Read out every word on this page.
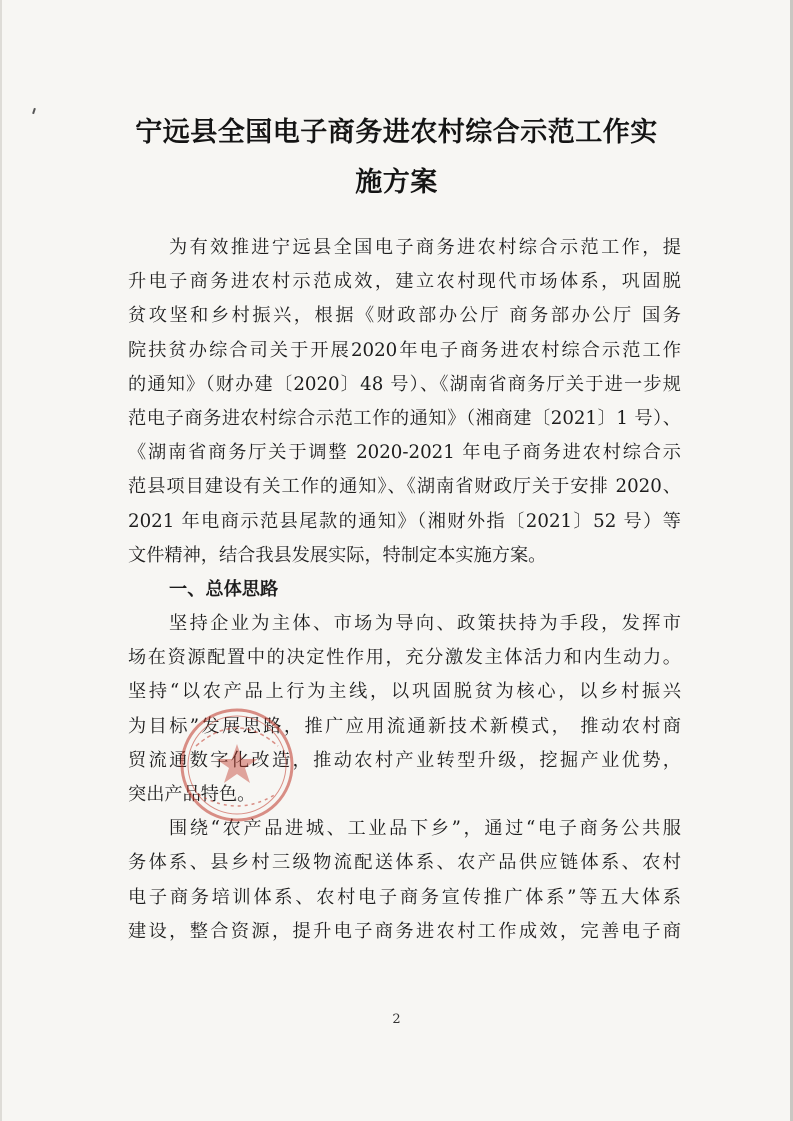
宁远县全国电子商务进农村综合示范工作实
施方案
为有效推进宁远县全国电子商务进农村综合示范工作，提
升电子商务进农村示范成效，建立农村现代市场体系，巩固脱
贫攻坚和乡村振兴，根据《财政部办公厅 商务部办公厅 国务
院扶贫办综合司关于开展2020年电子商务进农村综合示范工作
的通知》（财办建〔2020〕48 号）、《湖南省商务厅关于进一步规
范电子商务进农村综合示范工作的通知》（湘商建〔2021〕1 号）、
《湖南省商务厅关于调整 2020-2021 年电子商务进农村综合示
范县项目建设有关工作的通知》、《湖南省财政厅关于安排 2020、
2021 年电商示范县尾款的通知》（湘财外指〔2021〕52 号）等
文件精神，结合我县发展实际，特制定本实施方案。
一、总体思路
坚持企业为主体、市场为导向、政策扶持为手段，发挥市
场在资源配置中的决定性作用，充分激发主体活力和内生动力。
坚持“以农产品上行为主线，以巩固脱贫为核心，以乡村振兴
为目标”发展思路，推广应用流通新技术新模式， 推动农村商
贸流通数字化改造，推动农村产业转型升级，挖掘产业优势，
突出产品特色。
围绕“农产品进城、工业品下乡”，通过“电子商务公共服
务体系、县乡村三级物流配送体系、农产品供应链体系、农村
电子商务培训体系、农村电子商务宣传推广体系”等五大体系
建设，整合资源，提升电子商务进农村工作成效，完善电子商
2
